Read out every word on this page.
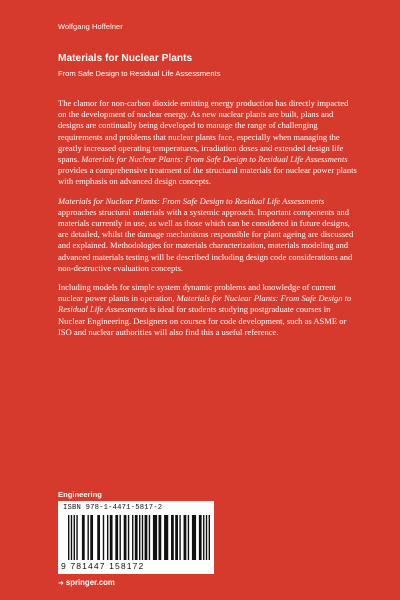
Wolfgang Hoffelner
Materials for Nuclear Plants
From Safe Design to Residual Life Assessments

The clamor for non-carbon dioxide emitting energy production has directly impacted on the development of nuclear energy. As new nuclear plants are built, plans and designs are continually being developed to manage the range of challenging requirements and problems that nuclear plants face, especially when managing the greatly increased operating temperatures, irradiation doses and extended design life spans. Materials for Nuclear Plants: From Safe Design to Residual Life Assessments provides a comprehensive treatment of the structural materials for nuclear power plants with emphasis on advanced design concepts.

Materials for Nuclear Plants: From Safe Design to Residual Life Assessments approaches structural materials with a systemic approach. Important components and materials currently in use, as well as those which can be considered in future designs, are detailed, whilst the damage mechanisms responsible for plant ageing are discussed and explained. Methodologies for materials characterization, materials modeling and advanced materials testing will be described including design code considerations and non-destructive evaluation concepts.

Including models for simple system dynamic problems and knowledge of current nuclear power plants in operation, Materials for Nuclear Plants: From Safe Design to Residual Life Assessments is ideal for students studying postgraduate courses in Nuclear Engineering. Designers on courses for code development, such as ASME or ISO and nuclear authorities will also find this a useful reference.

Engineering
ISBN 978-1-4471-5817-2
9 781447 158172
➜ springer.com
